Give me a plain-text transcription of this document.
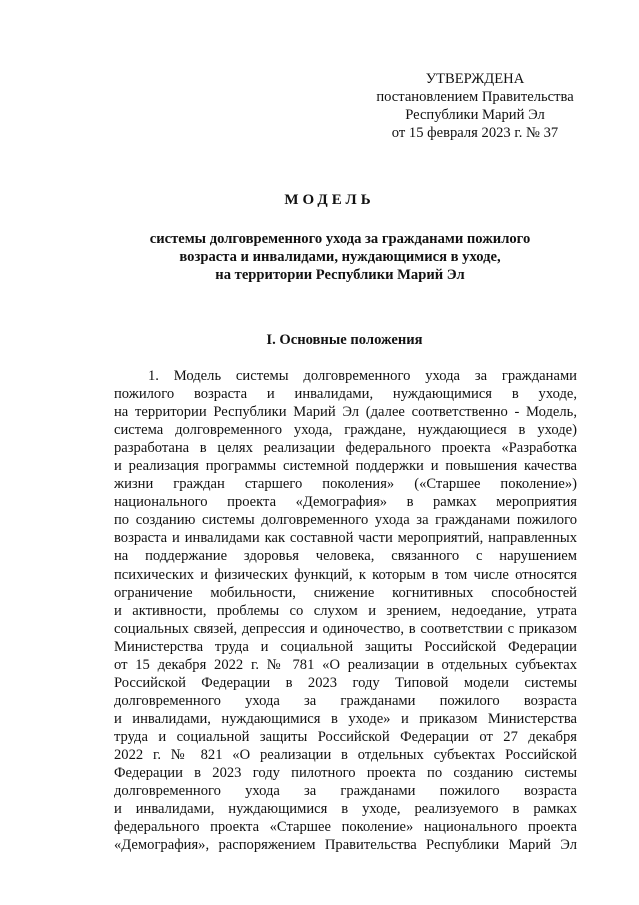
УТВЕРЖДЕНА
постановлением Правительства
Республики Марий Эл
от 15 февраля 2023 г. № 37
МОДЕЛЬ
системы долговременного ухода за гражданами пожилого
возраста и инвалидами, нуждающимися в уходе,
на территории Республики Марий Эл
I. Основные положения
1. Модель системы долговременного ухода за гражданами
пожилого возраста и инвалидами, нуждающимися в уходе,
на территории Республики Марий Эл (далее соответственно - Модель,
система долговременного ухода, граждане, нуждающиеся в уходе)
разработана в целях реализации федерального проекта «Разработка
и реализация программы системной поддержки и повышения качества
жизни граждан старшего поколения» («Старшее поколение»)
национального проекта «Демография» в рамках мероприятия
по созданию системы долговременного ухода за гражданами пожилого
возраста и инвалидами как составной части мероприятий, направленных
на поддержание здоровья человека, связанного с нарушением
психических и физических функций, к которым в том числе относятся
ограничение мобильности, снижение когнитивных способностей
и активности, проблемы со слухом и зрением, недоедание, утрата
социальных связей, депрессия и одиночество, в соответствии с приказом
Министерства труда и социальной защиты Российской Федерации
от 15 декабря 2022 г. № 781 «О реализации в отдельных субъектах
Российской Федерации в 2023 году Типовой модели системы
долговременного ухода за гражданами пожилого возраста
и инвалидами, нуждающимися в уходе» и приказом Министерства
труда и социальной защиты Российской Федерации от 27 декабря
2022 г. № 821 «О реализации в отдельных субъектах Российской
Федерации в 2023 году пилотного проекта по созданию системы
долговременного ухода за гражданами пожилого возраста
и инвалидами, нуждающимися в уходе, реализуемого в рамках
федерального проекта «Старшее поколение» национального проекта
«Демография», распоряжением Правительства Республики Марий Эл
